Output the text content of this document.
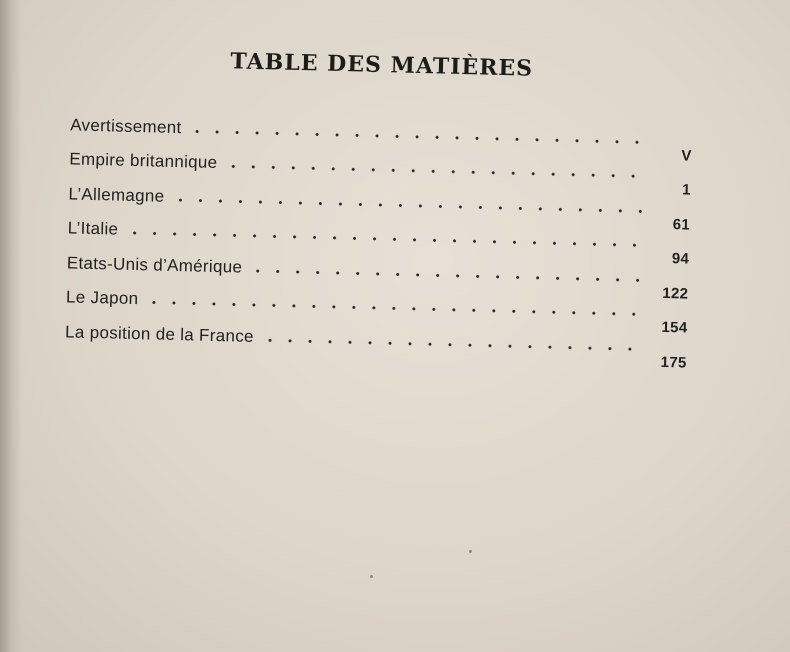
TABLE DES MATIÈRES
Avertissement
V
Empire britannique
1
L’Allemagne
61
L’Italie
94
Etats-Unis d’Amérique
122
Le Japon
154
La position de la France
175
